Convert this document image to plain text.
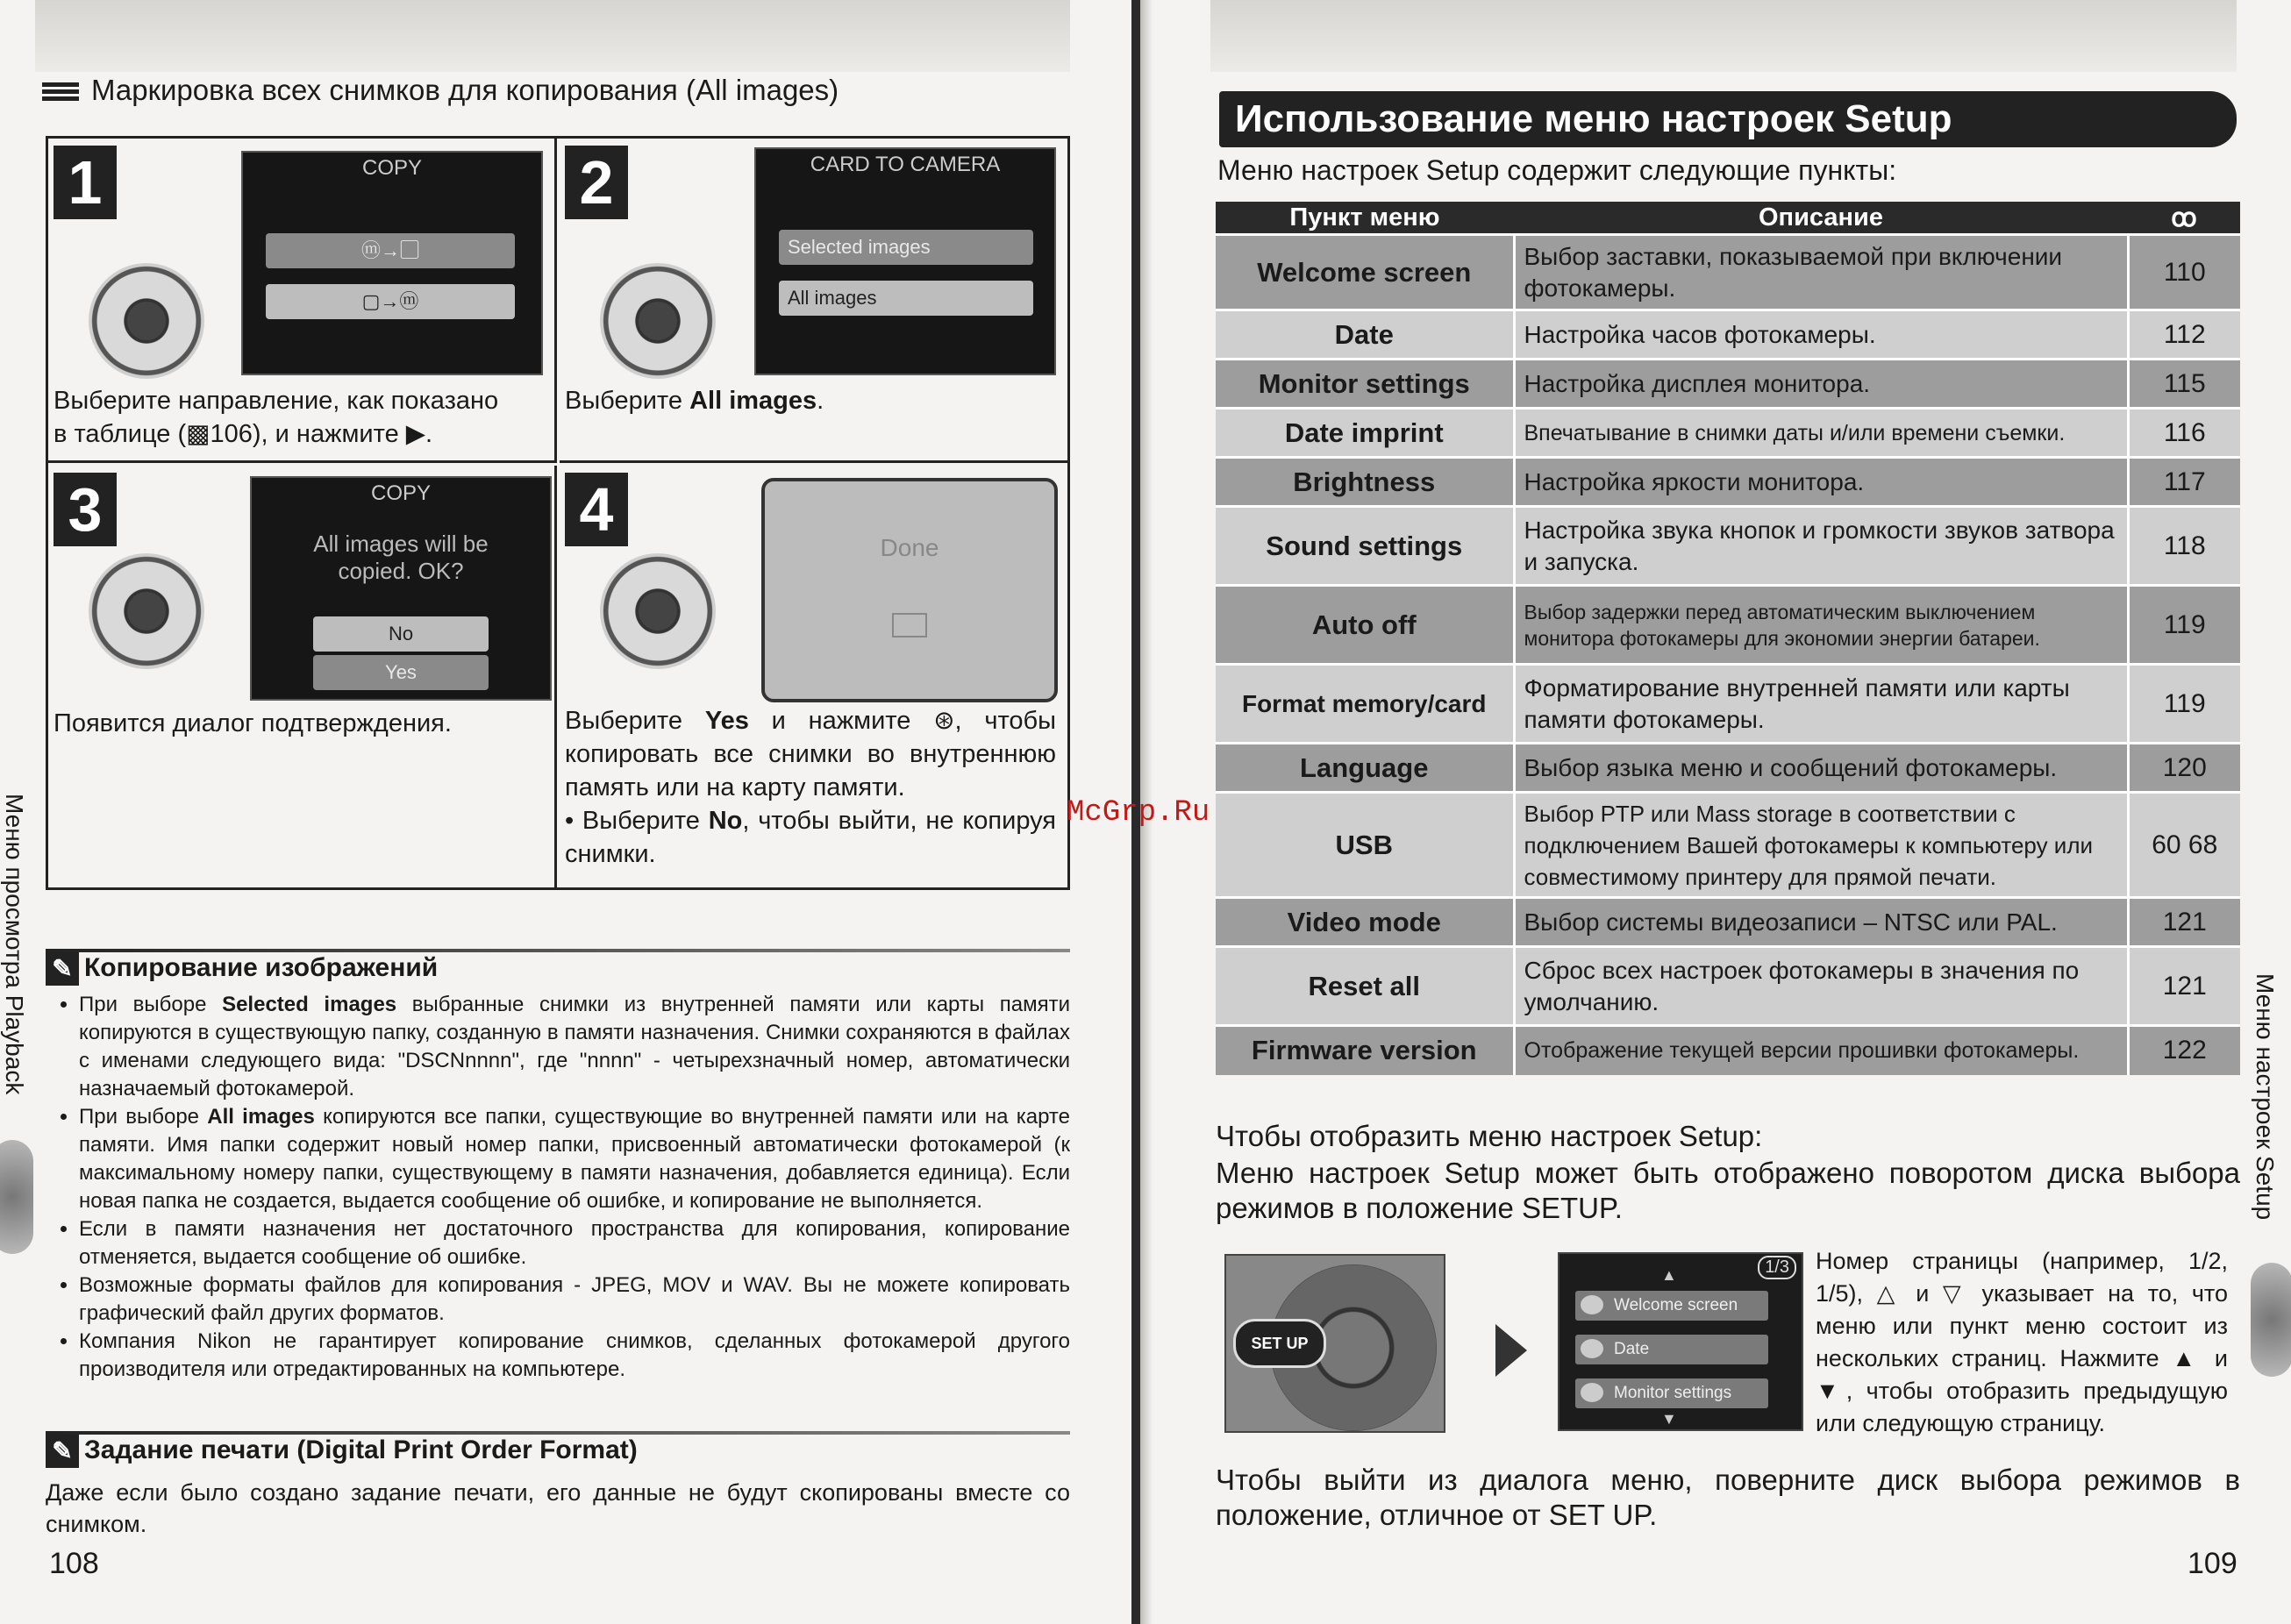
Маркировка всех снимков для копирования (All images)
1	COPY
ⓜ→▢
▢→ⓜ
Выберите направление, как показано
в таблице (▩106), и нажмите ▶.
2	CARD TO CAMERA
Selected images
All images
Выберите All images.
3	COPY
All images will be copied. OK?
No
Yes
Появится диалог подтверждения.
4
Done
Выберите Yes и нажмите ⊛, чтобы копировать все снимки во внутреннюю память или на карту памяти.
• Выберите No, чтобы выйти, не копируя снимки.
✎ Копирование изображений
• При выборе Selected images выбранные снимки из внутренней памяти или карты памяти копируются в существующую папку, созданную в памяти назначения. Снимки сохраняются в файлах с именами следующего вида: "DSCNnnnn", где "nnnn" - четырехзначный номер, автоматически назначаемый фотокамерой.
• При выборе All images копируются все папки, существующие во внутренней памяти или на карте памяти. Имя папки содержит новый номер папки, присвоенный автоматически фотокамерой (к максимальному номеру папки, существующему в памяти назначения, добавляется единица). Если новая папка не создается, выдается сообщение об ошибке, и копирование не выполняется.
• Если в памяти назначения нет достаточного пространства для копирования, копирование отменяется, выдается сообщение об ошибке.
• Возможные форматы файлов для копирования - JPEG, MOV и WAV. Вы не можете копировать графический файл других форматов.
• Компания Nikon не гарантирует копирование снимков, сделанных фотокамерой другого производителя или отредактированных на компьютере.
✎ Задание печати (Digital Print Order Format)
Даже если было создано задание печати, его данные не будут скопированы вместе со снимком.
108
Меню просмотра Playback
Использование меню настроек Setup
Меню настроек Setup содержит следующие пункты:
Пункт меню	Описание	ꝏ
Welcome screen	Выбор заставки, показываемой при включении фотокамеры.	110
Date	Настройка часов фотокамеры.	112
Monitor settings	Настройка дисплея монитора.	115
Date imprint	Впечатывание в снимки даты и/или времени съемки.	116
Brightness	Настройка яркости монитора.	117
Sound settings	Настройка звука кнопок и громкости звуков затвора и запуска.	118
Auto off	Выбор задержки перед автоматическим выключением монитора фотокамеры для экономии энергии батареи.	119
Format memory/card	Форматирование внутренней памяти или карты памяти фотокамеры.	119
Language	Выбор языка меню и сообщений фотокамеры.	120
USB	Выбор PTP или Mass storage в соответствии с подключением Вашей фотокамеры к компьютеру или совместимому принтеру для прямой печати.	60 68
Video mode	Выбор системы видеозаписи – NTSC или PAL.	121
Reset all	Сброс всех настроек фотокамеры в значения по умолчанию.	121
Firmware version	Отображение текущей версии прошивки фотокамеры.	122
Чтобы отобразить меню настроек Setup:
Меню настроек Setup может быть отображено поворотом диска выбора режимов в положение SETUP.
SET UP
1/3
▲
Welcome screen
Date
Monitor settings
▼
Номер страницы (например, 1/2, 1/5), △ и ▽ указывает на то, что меню или пункт меню состоит из нескольких страниц. Нажмите ▲ и ▼, чтобы отобразить предыдущую или следующую страницу.
Чтобы выйти из диалога меню, поверните диск выбора режимов в положение, отличное от SET UP.
109
Меню настроек Setup
McGrp.Ru
